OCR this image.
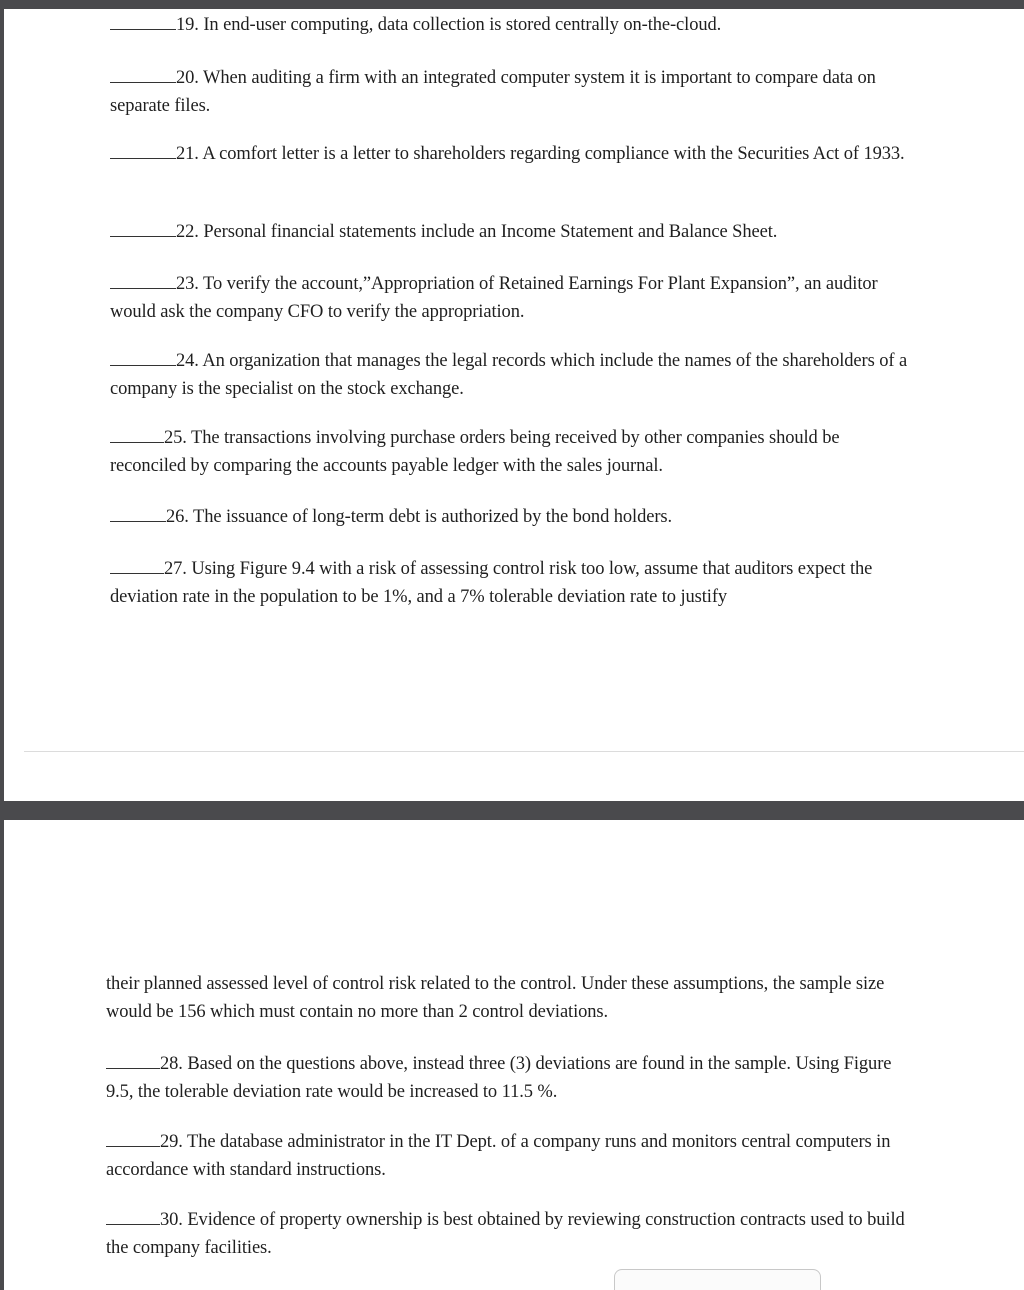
19. In end-user computing, data collection is stored centrally on-the-cloud.
20. When auditing a firm with an integrated computer system it is important to compare data on separate files.
21. A comfort letter is a letter to shareholders regarding compliance with the Securities Act of 1933.
22. Personal financial statements include an Income Statement and Balance Sheet.
23. To verify the account,”Appropriation of Retained Earnings For Plant Expansion”, an auditor would ask the company CFO to verify the appropriation.
24. An organization that manages the legal records which include the names of the shareholders of a company is the specialist on the stock exchange.
25. The transactions involving purchase orders being received by other companies should be reconciled by comparing the accounts payable ledger with the sales journal.
26. The issuance of long-term debt is authorized by the bond holders.
27. Using Figure 9.4 with a risk of assessing control risk too low, assume that auditors expect the deviation rate in the population to be 1%, and a 7% tolerable deviation rate to justify
their planned assessed level of control risk related to the control. Under these assumptions, the sample size would be 156 which must contain no more than 2 control deviations.
28. Based on the questions above, instead three (3) deviations are found in the sample. Using Figure 9.5, the tolerable deviation rate would be increased to 11.5 %.
29. The database administrator in the IT Dept. of a company runs and monitors central computers in accordance with standard instructions.
30. Evidence of property ownership is best obtained by reviewing construction contracts used to build the company facilities.
